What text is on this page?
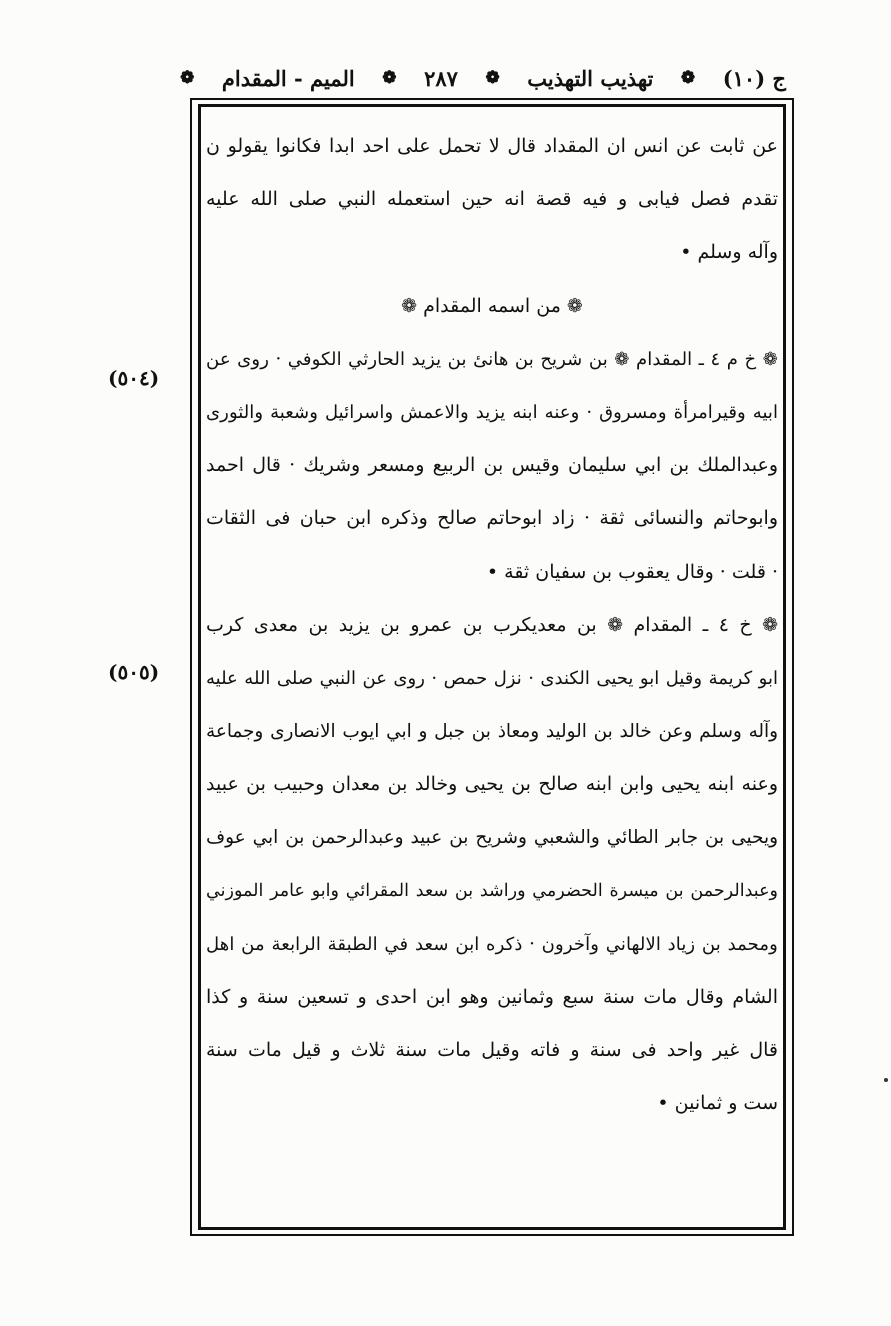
ج (١٠)
❁
تهذيب التهذيب
❁
٢٨٧
❁
الميم - المقدام
❁
عن ثابت عن انس ان المقداد قال لا تحمل على احد ابدا فكانوا يقولو ن
تقدم فصل فيابى و فيه قصة انه حين استعمله النبي صلى الله عليه
وآله وسلم •
❁ من اسمه المقدام ❁
❁ خ م ٤ ـ المقدام ❁ بن شريح بن هانىٔ بن يزيد الحارثي الكوفي · روى عن
ابيه وقيرامرأة ومسروق · وعنه ابنه يزيد والاعمش واسرائيل وشعبة والثورى
وعبدالملك بن ابي سليمان وقيس بن الربيع ومسعر وشريك · قال احمد
وابوحاتم والنسائى ثقة · زاد ابوحاتم صالح وذكره ابن حبان فى الثقات
· قلت · وقال يعقوب بن سفيان ثقة •
❁ خ ٤ ـ المقدام ❁ بن معديكرب بن عمرو بن يزيد بن معدى كرب
ابو كريمة وقيل ابو يحيى الكندى · نزل حمص · روى عن النبي صلى الله عليه
وآله وسلم وعن خالد بن الوليد ومعاذ بن جبل و ابي ايوب الانصارى وجماعة
وعنه ابنه يحيى وابن ابنه صالح بن يحيى وخالد بن معدان وحبيب بن عبيد
ويحيى بن جابر الطائي والشعبي وشريح بن عبيد وعبدالرحمن بن ابي عوف
وعبدالرحمن بن ميسرة الحضرمي وراشد بن سعد المقرائي وابو عامر الموزني
ومحمد بن زياد الالهاني وآخرون · ذكره ابن سعد في الطبقة الرابعة من اهل
الشام وقال مات سنة سبع وثمانين وهو ابن احدى و تسعين سنة و كذا
قال غير واحد فى سنة و فاته وقيل مات سنة ثلاث و قيل مات سنة
ست و ثمانين •
(٥٠٤)
(٥٠٥)
